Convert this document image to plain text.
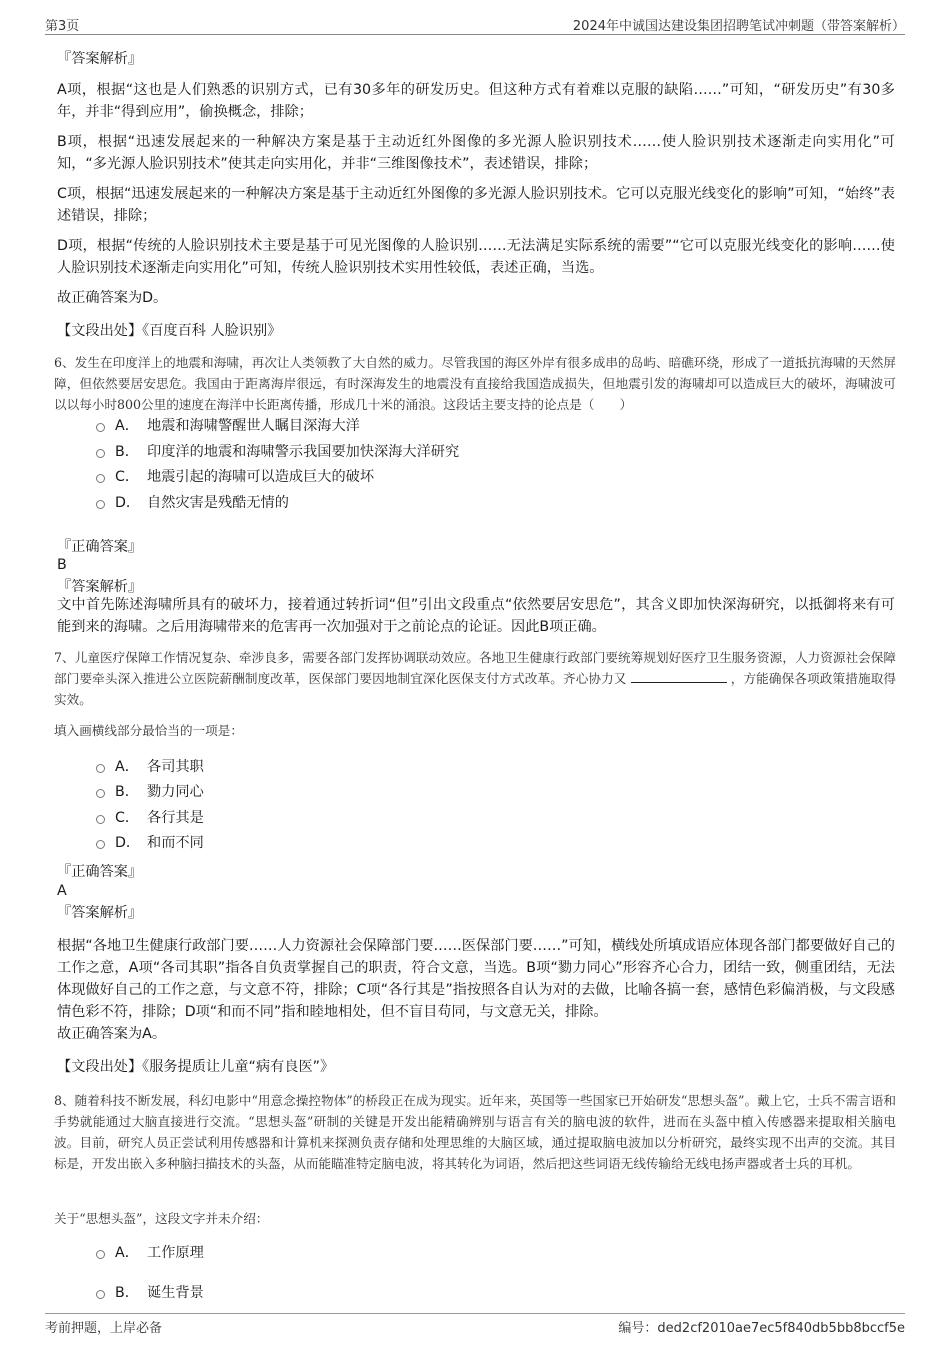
第3页	2024年中诚国达建设集团招聘笔试冲刺题（带答案解析）
『答案解析』
A项，根据“这也是人们熟悉的识别方式，已有30多年的研发历史。但这种方式有着难以克服的缺陷……”可知，“研发历史”有30多年，并非“得到应用”，偷换概念，排除；
B项，根据“迅速发展起来的一种解决方案是基于主动近红外图像的多光源人脸识别技术……使人脸识别技术逐渐走向实用化”可知，“多光源人脸识别技术”使其走向实用化，并非“三维图像技术”，表述错误，排除；
C项，根据“迅速发展起来的一种解决方案是基于主动近红外图像的多光源人脸识别技术。它可以克服光线变化的影响”可知，“始终”表述错误，排除；
D项，根据“传统的人脸识别技术主要是基于可见光图像的人脸识别……无法满足实际系统的需要”“它可以克服光线变化的影响……使人脸识别技术逐渐走向实用化”可知，传统人脸识别技术实用性较低，表述正确，当选。
故正确答案为D。
【文段出处】《百度百科 人脸识别》
6、发生在印度洋上的地震和海啸，再次让人类领教了大自然的威力。尽管我国的海区外岸有很多成串的岛屿、暗礁环绕，形成了一道抵抗海啸的天然屏障，但依然要居安思危。我国由于距离海岸很远，有时深海发生的地震没有直接给我国造成损失，但地震引发的海啸却可以造成巨大的破坏，海啸波可以以每小时800公里的速度在海洋中长距离传播，形成几十米的涌浪。这段话主要支持的论点是（　　）
A． 地震和海啸警醒世人瞩目深海大洋
B． 印度洋的地震和海啸警示我国要加快深海大洋研究
C． 地震引起的海啸可以造成巨大的破坏
D． 自然灾害是残酷无情的
『正确答案』
B
『答案解析』
文中首先陈述海啸所具有的破坏力，接着通过转折词“但”引出文段重点“依然要居安思危”，其含义即加快深海研究，以抵御将来有可能到来的海啸。之后用海啸带来的危害再一次加强对于之前论点的论证。因此B项正确。
7、儿童医疗保障工作情况复杂、牵涉良多，需要各部门发挥协调联动效应。各地卫生健康行政部门要统筹规划好医疗卫生服务资源，人力资源社会保障部门要牵头深入推进公立医院薪酬制度改革，医保部门要因地制宜深化医保支付方式改革。齐心协力又	，方能确保各项政策措施取得实效。
填入画横线部分最恰当的一项是：
A． 各司其职
B． 勠力同心
C． 各行其是
D． 和而不同
『正确答案』
A
『答案解析』
根据“各地卫生健康行政部门要……人力资源社会保障部门要……医保部门要……”可知，横线处所填成语应体现各部门都要做好自己的工作之意，A项“各司其职”指各自负责掌握自己的职责，符合文意，当选。B项“勠力同心”形容齐心合力，团结一致，侧重团结，无法体现做好自己的工作之意，与文意不符，排除；C项“各行其是”指按照各自认为对的去做，比喻各搞一套，感情色彩偏消极，与文段感情色彩不符，排除；D项“和而不同”指和睦地相处，但不盲目苟同，与文意无关，排除。
故正确答案为A。
【文段出处】《服务提质让儿童“病有良医”》
8、随着科技不断发展，科幻电影中“用意念操控物体”的桥段正在成为现实。近年来，英国等一些国家已开始研发“思想头盔”。戴上它，士兵不需言语和手势就能通过大脑直接进行交流。“思想头盔”研制的关键是开发出能精确辨别与语言有关的脑电波的软件，进而在头盔中植入传感器来提取相关脑电波。目前，研究人员正尝试利用传感器和计算机来探测负责存储和处理思维的大脑区域，通过提取脑电波加以分析研究，最终实现不出声的交流。其目标是，开发出嵌入多种脑扫描技术的头盔，从而能瞄准特定脑电波，将其转化为词语，然后把这些词语无线传输给无线电扬声器或者士兵的耳机。
关于“思想头盔”，这段文字并未介绍：
A． 工作原理
B． 诞生背景
考前押题，上岸必备	编号：ded2cf2010ae7ec5f840db5bb8bccf5e
